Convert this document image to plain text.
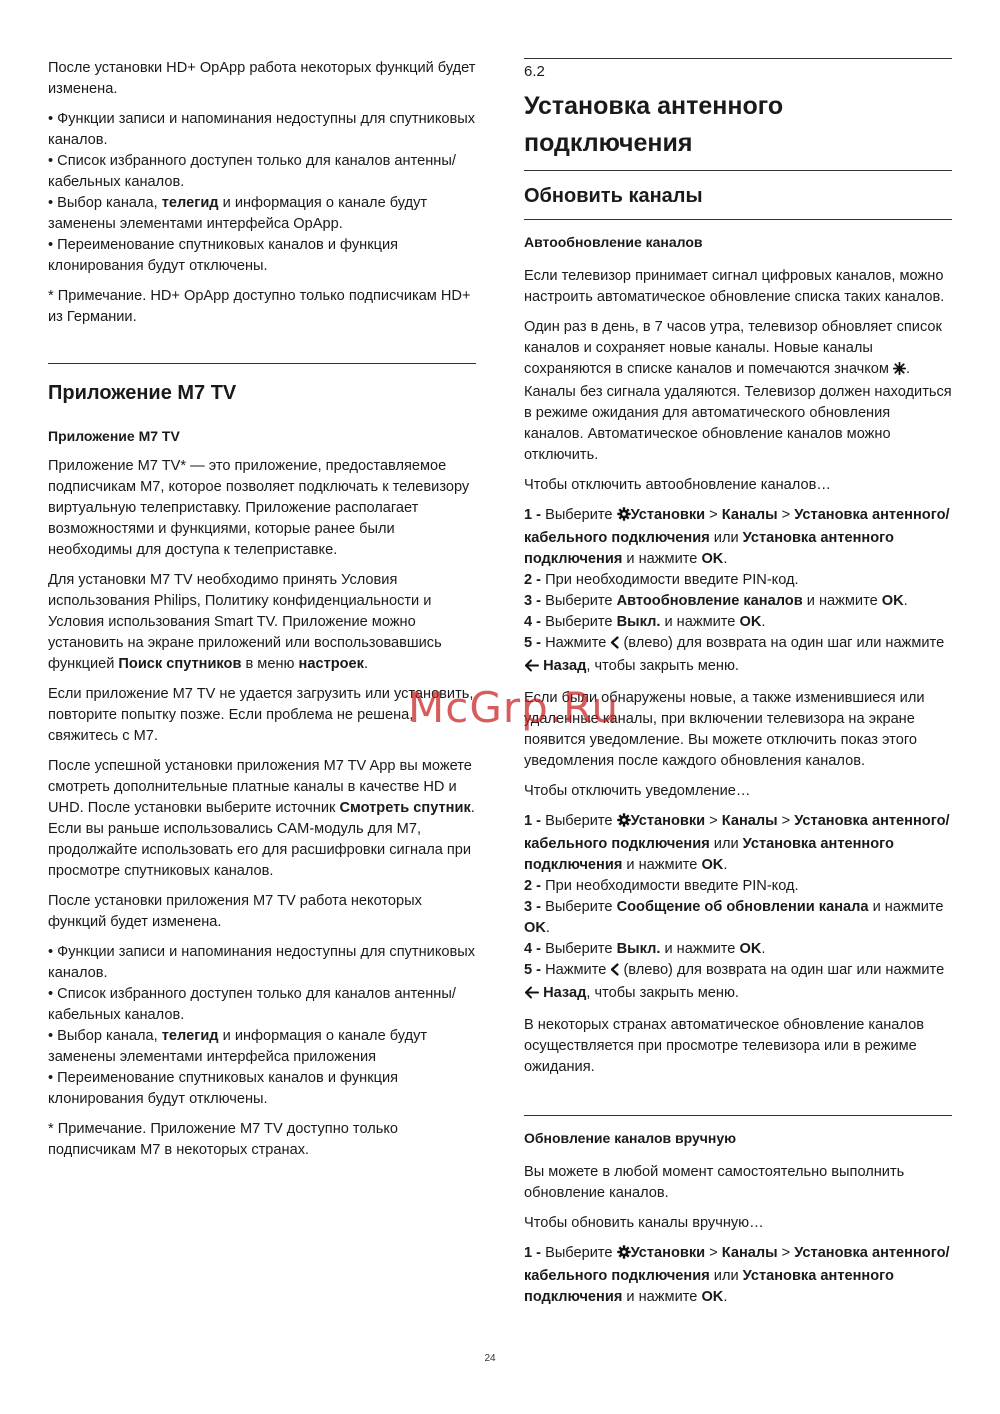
После установки HD+ OpApp работа некоторых функций будет изменена.

• Функции записи и напоминания недоступны для спутниковых каналов.

• Список избранного доступен только для каналов антенны/кабельных каналов.

• Выбор канала, телегид и информация о канале будут заменены элементами интерфейса OpApp.

• Переименование спутниковых каналов и функция клонирования будут отключены.

* Примечание. HD+ OpApp доступно только подписчикам HD+ из Германии.

Приложение M7 TV
Приложение M7 TV

Приложение M7 TV* — это приложение, предоставляемое подписчикам M7, которое позволяет подключать к телевизору виртуальную телеприставку. Приложение располагает возможностями и функциями, которые ранее были необходимы для доступа к телеприставке.

Для установки M7 TV необходимо принять Условия использования Philips, Политику конфиденциальности и Условия использования Smart TV. Приложение можно установить на экране приложений или воспользовавшись функцией Поиск спутников в меню настроек.

Если приложение M7 TV не удается загрузить или установить, повторите попытку позже. Если проблема не решена, свяжитесь с M7.

После успешной установки приложения M7 TV App вы можете смотреть дополнительные платные каналы в качестве HD и UHD. После установки выберите источник Смотреть спутник. Если вы раньше использовались CAM-модуль для M7, продолжайте использовать его для расшифровки сигнала при просмотре спутниковых каналов.

После установки приложения M7 TV работа некоторых функций будет изменена.

• Функции записи и напоминания недоступны для спутниковых каналов.

• Список избранного доступен только для каналов антенны/кабельных каналов.

• Выбор канала, телегид и информация о канале будут заменены элементами интерфейса приложения

• Переименование спутниковых каналов и функция клонирования будут отключены.

* Примечание. Приложение M7 TV доступно только подписчикам M7 в некоторых странах.

6.2
Установка антенного подключения
Обновить каналы
Автообновление каналов

Если телевизор принимает сигнал цифровых каналов, можно настроить автоматическое обновление списка таких каналов.

Один раз в день, в 7 часов утра, телевизор обновляет список каналов и сохраняет новые каналы. Новые каналы сохраняются в списке каналов и помечаются значком . Каналы без сигнала удаляются. Телевизор должен находиться в режиме ожидания для автоматического обновления каналов. Автоматическое обновление каналов можно отключить.

Чтобы отключить автообновление каналов…

1 - Выберите Установки > Каналы > Установка антенного/кабельного подключения или Установка антенного подключения и нажмите OK.

2 - При необходимости введите PIN-код.

3 - Выберите Автообновление каналов и нажмите OK.

4 - Выберите Выкл. и нажмите OK.

5 - Нажмите  (влево) для возврата на один шаг или нажмите  Назад, чтобы закрыть меню.

Если были обнаружены новые, а также изменившиеся или удаленные каналы, при включении телевизора на экране появится уведомление. Вы можете отключить показ этого уведомления после каждого обновления каналов.

Чтобы отключить уведомление…

1 - Выберите Установки > Каналы > Установка антенного/кабельного подключения или Установка антенного подключения и нажмите OK.

2 - При необходимости введите PIN-код.

3 - Выберите Сообщение об обновлении канала и нажмите OK.

4 - Выберите Выкл. и нажмите OK.

5 - Нажмите  (влево) для возврата на один шаг или нажмите  Назад, чтобы закрыть меню.

В некоторых странах автоматическое обновление каналов осуществляется при просмотре телевизора или в режиме ожидания.

Обновление каналов вручную

Вы можете в любой момент самостоятельно выполнить обновление каналов.

Чтобы обновить каналы вручную…

1 - Выберите Установки > Каналы > Установка антенного/кабельного подключения или Установка антенного подключения и нажмите OK.

McGrp.Ru
24
